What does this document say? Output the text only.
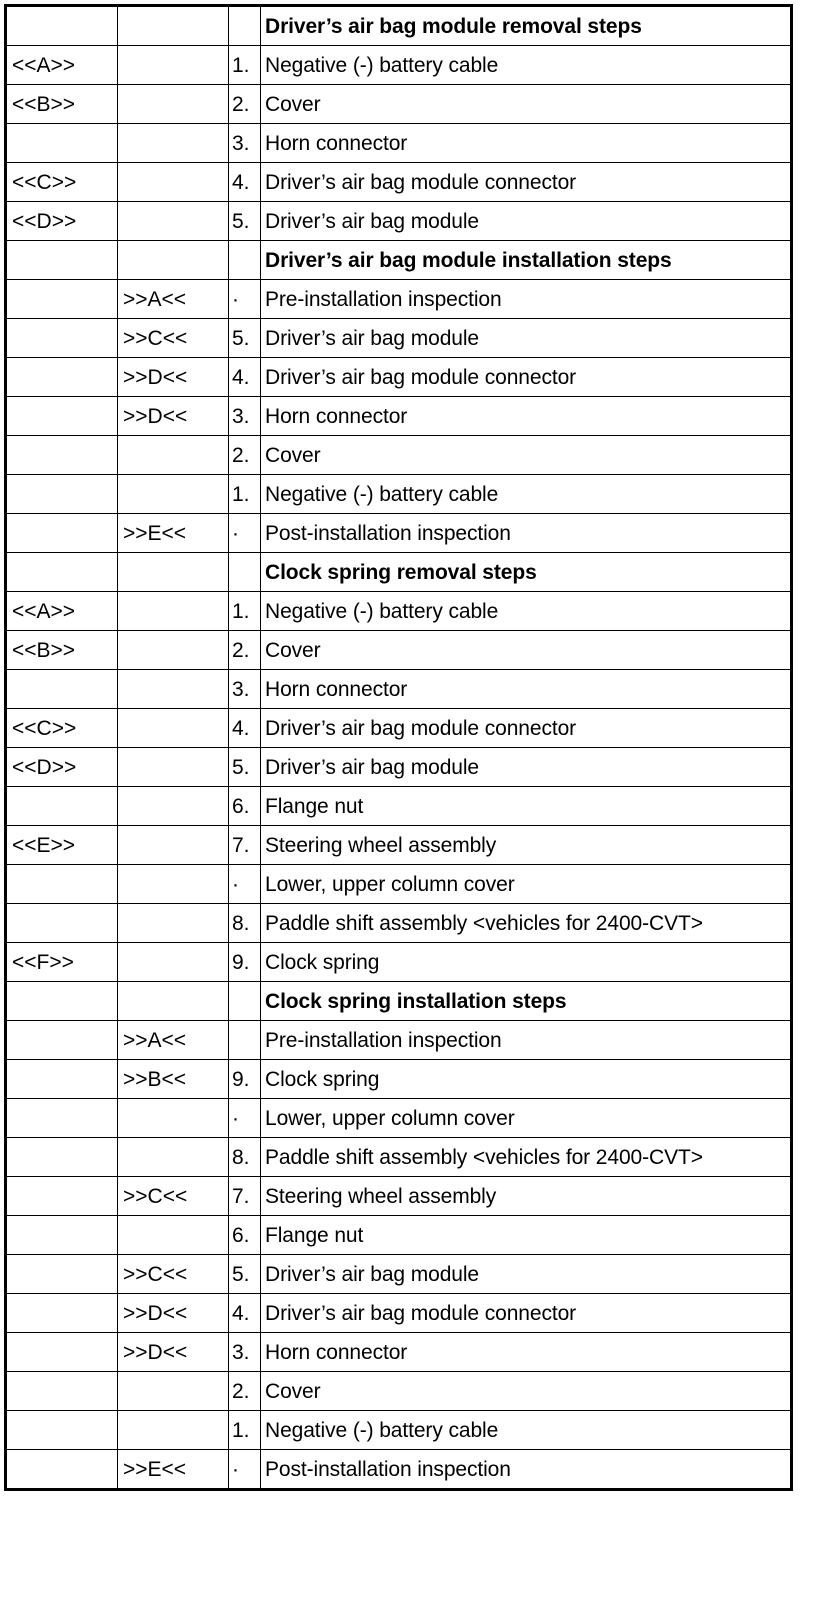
			Driver’s air bag module removal steps
<<A>>		1.	Negative (-) battery cable
<<B>>		2.	Cover
		3.	Horn connector
<<C>>		4.	Driver’s air bag module connector
<<D>>		5.	Driver’s air bag module
			Driver’s air bag module installation steps
	>>A<<	·	Pre-installation inspection
	>>C<<	5.	Driver’s air bag module
	>>D<<	4.	Driver’s air bag module connector
	>>D<<	3.	Horn connector
		2.	Cover
		1.	Negative (-) battery cable
	>>E<<	·	Post-installation inspection
			Clock spring removal steps
<<A>>		1.	Negative (-) battery cable
<<B>>		2.	Cover
		3.	Horn connector
<<C>>		4.	Driver’s air bag module connector
<<D>>		5.	Driver’s air bag module
		6.	Flange nut
<<E>>		7.	Steering wheel assembly
		·	Lower, upper column cover
		8.	Paddle shift assembly <vehicles for 2400-CVT>
<<F>>		9.	Clock spring
			Clock spring installation steps
	>>A<<		Pre-installation inspection
	>>B<<	9.	Clock spring
		·	Lower, upper column cover
		8.	Paddle shift assembly <vehicles for 2400-CVT>
	>>C<<	7.	Steering wheel assembly
		6.	Flange nut
	>>C<<	5.	Driver’s air bag module
	>>D<<	4.	Driver’s air bag module connector
	>>D<<	3.	Horn connector
		2.	Cover
		1.	Negative (-) battery cable
	>>E<<	·	Post-installation inspection
